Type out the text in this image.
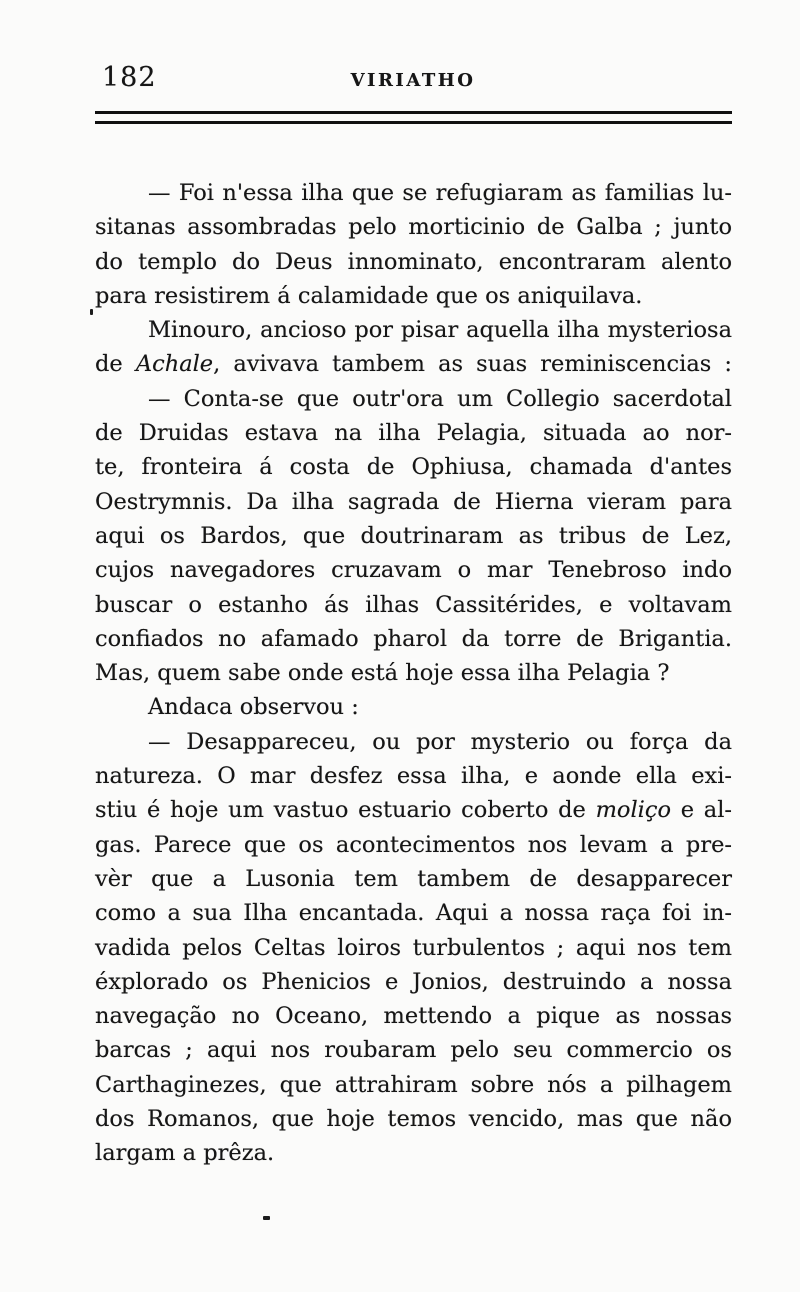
182	VIRIATHO
— Foi n'essa ilha que se refugiaram as familias lu-
sitanas assombradas pelo morticinio de Galba ; junto
do templo do Deus innominato, encontraram alento
para resistirem á calamidade que os aniquilava.
Minouro, ancioso por pisar aquella ilha mysteriosa
de Achale, avivava tambem as suas reminiscencias :
— Conta-se que outr'ora um Collegio sacerdotal
de Druidas estava na ilha Pelagia, situada ao nor-
te, fronteira á costa de Ophiusa, chamada d'antes
Oestrymnis. Da ilha sagrada de Hierna vieram para
aqui os Bardos, que doutrinaram as tribus de Lez,
cujos navegadores cruzavam o mar Tenebroso indo
buscar o estanho ás ilhas Cassitérides, e voltavam
confiados no afamado pharol da torre de Brigantia.
Mas, quem sabe onde está hoje essa ilha Pelagia ?
Andaca observou :
— Desappareceu, ou por mysterio ou força da
natureza. O mar desfez essa ilha, e aonde ella exi-
stiu é hoje um vastuo estuario coberto de moliço e al-
gas. Parece que os acontecimentos nos levam a pre-
vèr que a Lusonia tem tambem de desapparecer
como a sua Ilha encantada. Aqui a nossa raça foi in-
vadida pelos Celtas loiros turbulentos ; aqui nos tem
éxplorado os Phenicios e Jonios, destruindo a nossa
navegação no Oceano, mettendo a pique as nossas
barcas ; aqui nos roubaram pelo seu commercio os
Carthaginezes, que attrahiram sobre nós a pilhagem
dos Romanos, que hoje temos vencido, mas que não
largam a prêza.
